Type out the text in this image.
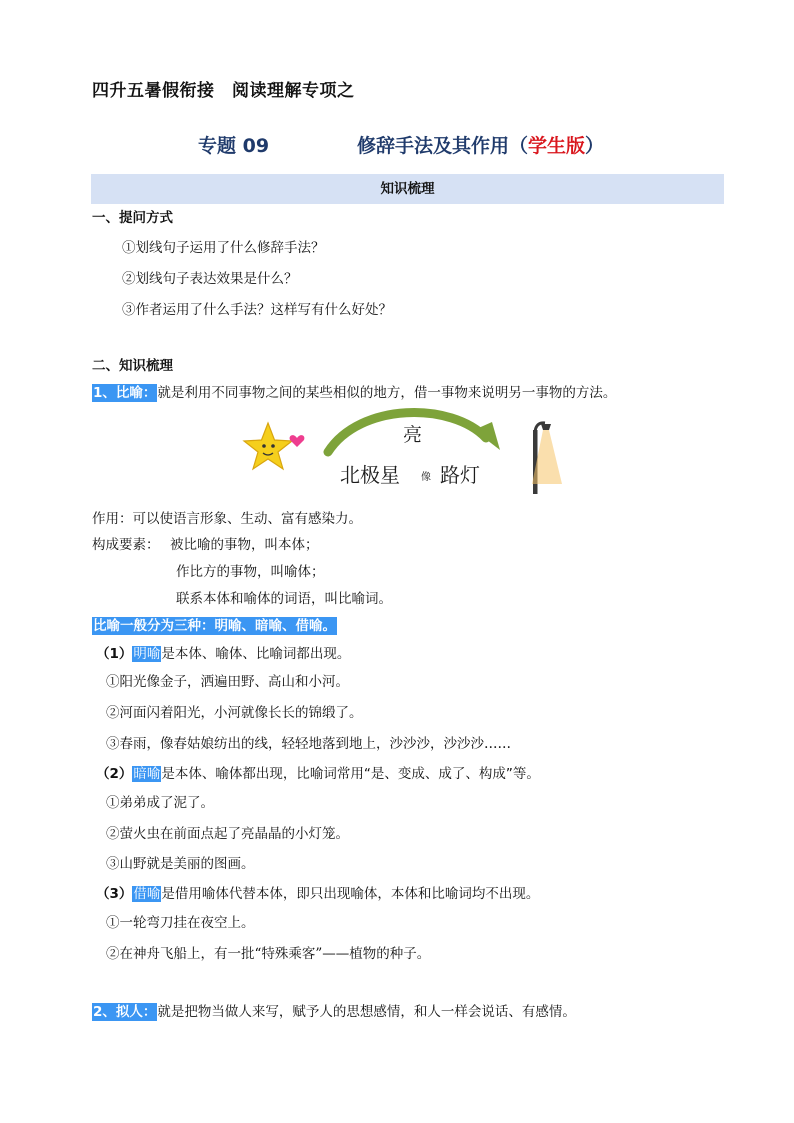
四升五暑假衔接　阅读理解专项之
专题 09	修辞手法及其作用（学生版）
知识梳理
一、提问方式
①划线句子运用了什么修辞手法？
②划线句子表达效果是什么？
③作者运用了什么手法？这样写有什么好处？
二、知识梳理
1、比喻：就是利用不同事物之间的某些相似的地方，借一事物来说明另一事物的方法。
亮
北极星 像 路灯
作用：可以使语言形象、生动、富有感染力。
构成要素： 被比喻的事物，叫本体；
作比方的事物，叫喻体；
联系本体和喻体的词语，叫比喻词。
比喻一般分为三种：明喻、暗喻、借喻。
（1）明喻是本体、喻体、比喻词都出现。
①阳光像金子，洒遍田野、高山和小河。
②河面闪着阳光，小河就像长长的锦缎了。
③春雨，像春姑娘纺出的线，轻轻地落到地上，沙沙沙，沙沙沙……
（2）暗喻是本体、喻体都出现，比喻词常用“是、变成、成了、构成”等。
①弟弟成了泥了。
②萤火虫在前面点起了亮晶晶的小灯笼。
③山野就是美丽的图画。
（3）借喻是借用喻体代替本体，即只出现喻体，本体和比喻词均不出现。
①一轮弯刀挂在夜空上。
②在神舟飞船上，有一批“特殊乘客”——植物的种子。
2、拟人：就是把物当做人来写，赋予人的思想感情，和人一样会说话、有感情。
